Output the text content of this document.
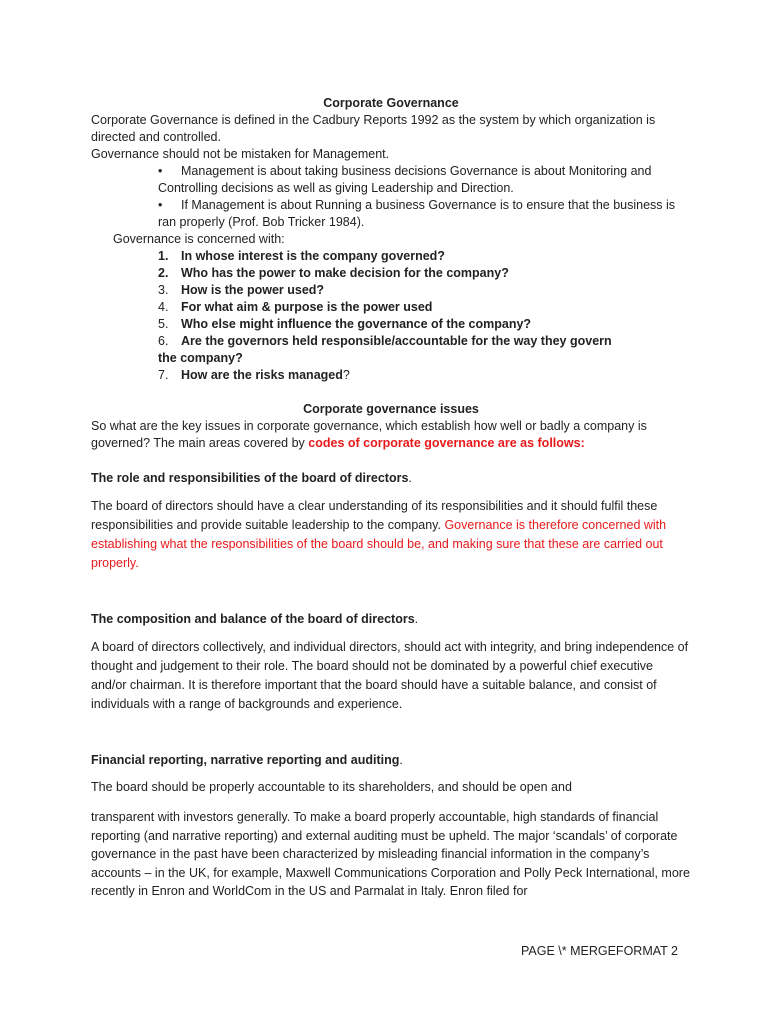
Corporate Governance

Corporate Governance is defined in the Cadbury Reports 1992 as the system by which organization is directed and controlled.

Governance should not be mistaken for Management.

• Management is about taking business decisions Governance is about Monitoring and
Controlling decisions as well as giving Leadership and Direction.
• If Management is about Running a business Governance is to ensure that the business is
ran properly (Prof. Bob Tricker 1984).

Governance is concerned with:

1. In whose interest is the company governed?
2. Who has the power to make decision for the company?
3. How is the power used?
4. For what aim & purpose is the power used
5. Who else might influence the governance of the company?
6. Are the governors held responsible/accountable for the way they govern
the company?
7. How are the risks managed?

Corporate governance issues

So what are the key issues in corporate governance, which establish how well or badly a company is

governed? The main areas covered by codes of corporate governance are as follows:

The role and responsibilities of the board of directors.

The board of directors should have a clear understanding of its responsibilities and it should fulfil these responsibilities and provide suitable leadership to the company. Governance is therefore concerned with establishing what the responsibilities of the board should be, and making sure that these are carried out properly.

The composition and balance of the board of directors.

A board of directors collectively, and individual directors, should act with integrity, and bring independence of thought and judgement to their role. The board should not be dominated by a powerful chief executive and/or chairman. It is therefore important that the board should have a suitable balance, and consist of individuals with a range of backgrounds and experience.

Financial reporting, narrative reporting and auditing.

The board should be properly accountable to its shareholders, and should be open and

transparent with investors generally. To make a board properly accountable, high standards of financial reporting (and narrative reporting) and external auditing must be upheld. The major ‘scandals’ of corporate governance in the past have been characterized by misleading financial information in the company’s accounts – in the UK, for example, Maxwell Communications Corporation and Polly Peck International, more recently in Enron and WorldCom in the US and Parmalat in Italy. Enron filed for

PAGE \* MERGEFORMAT 2
